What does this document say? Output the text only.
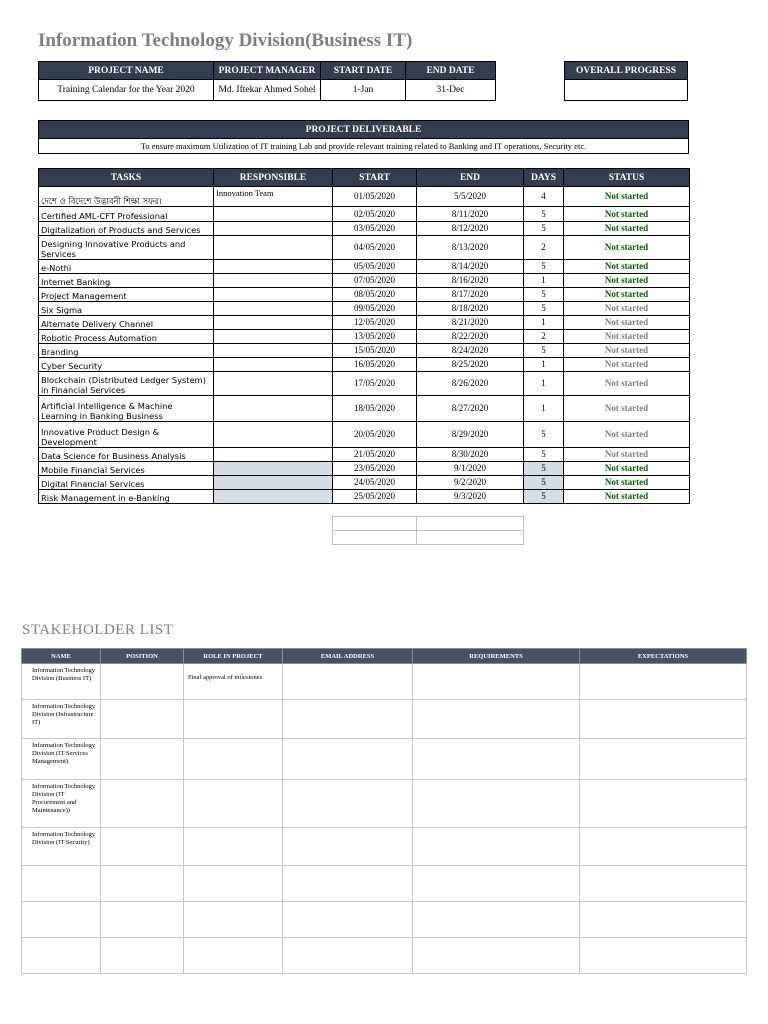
Information Technology Division(Business IT)
PROJECT NAME	PROJECT MANAGER	START DATE	END DATE
Training Calendar for the Year 2020	Md. Iftekar Ahmed Sohel	1-Jan	31-Dec
OVERALL PROGRESS

PROJECT DELIVERABLE
To ensure maximum Utilization of IT training Lab and provide relevant training related to Banking and IT operations, Security etc.
TASKS	RESPONSIBLE	START	END	DAYS	STATUS
দেশে ও বিদেশে উদ্ভাবনী শিক্ষা সফর।	Innovation Team	01/05/2020	5/5/2020	4	Not started
Certified AML-CFT Professional		02/05/2020	8/11/2020	5	Not started
Digitalization of Products and Services		03/05/2020	8/12/2020	5	Not started
Designing Innovative Products and Services		04/05/2020	8/13/2020	2	Not started
e-Nothi		05/05/2020	8/14/2020	5	Not started
Internet Banking		07/05/2020	8/16/2020	1	Not started
Project Management		08/05/2020	8/17/2020	5	Not started
Six Sigma		09/05/2020	8/18/2020	5	Not started
Alternate Delivery Channel		12/05/2020	8/21/2020	1	Not started
Robotic Process Automation		13/05/2020	8/22/2020	2	Not started
Branding		15/05/2020	8/24/2020	5	Not started
Cyber Security		16/05/2020	8/25/2020	1	Not started
Blockchain (Distributed Ledger System) in Financial Services		17/05/2020	8/26/2020	1	Not started
Artificial Intelligence & Machine Learning in Banking Business		18/05/2020	8/27/2020	1	Not started
Innovative Product Design & Development		20/05/2020	8/29/2020	5	Not started
Data Science for Business Analysis		21/05/2020	8/30/2020	5	Not started
Mobile Financial Services		23/05/2020	9/1/2020	5	Not started
Digital Financial Services		24/05/2020	9/2/2020	5	Not started
Risk Management in e-Banking		25/05/2020	9/3/2020	5	Not started

STAKEHOLDER LIST
NAME	POSITION	ROLE IN PROJECT	EMAIL ADDRESS	REQUIREMENTS	EXPECTATIONS
Information Technology Division (Business IT)		Final approval of milestones			
Information Technology Division (Infrastructure IT)					
Information Technology Division (IT Services Management)					
Information Technology Division (IT Procurement and Maintenance))					
Information Technology Division (IT Security)					
